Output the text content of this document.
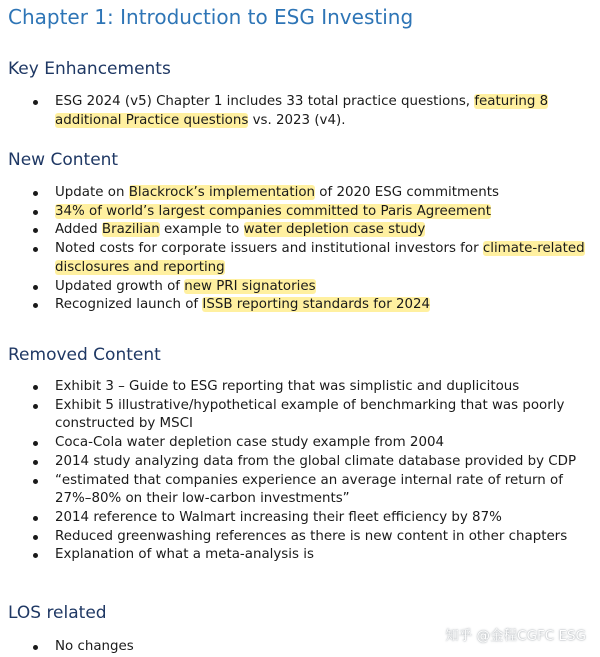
Chapter 1: Introduction to ESG Investing
Key Enhancements
ESG 2024 (v5) Chapter 1 includes 33 total practice questions, featuring 8 additional Practice questions vs. 2023 (v4).
New Content
Update on Blackrock’s implementation of 2020 ESG commitments
34% of world’s largest companies committed to Paris Agreement
Added Brazilian example to water depletion case study
Noted costs for corporate issuers and institutional investors for climate-related disclosures and reporting
Updated growth of new PRI signatories
Recognized launch of ISSB reporting standards for 2024
Removed Content
Exhibit 3 – Guide to ESG reporting that was simplistic and duplicitous
Exhibit 5 illustrative/hypothetical example of benchmarking that was poorly constructed by MSCI
Coca-Cola water depletion case study example from 2004
2014 study analyzing data from the global climate database provided by CDP
“estimated that companies experience an average internal rate of return of 27%–80% on their low-carbon investments”
2014 reference to Walmart increasing their fleet efficiency by 87%
Reduced greenwashing references as there is new content in other chapters
Explanation of what a meta-analysis is
LOS related
No changes
知乎 @金程CGFC ESG
